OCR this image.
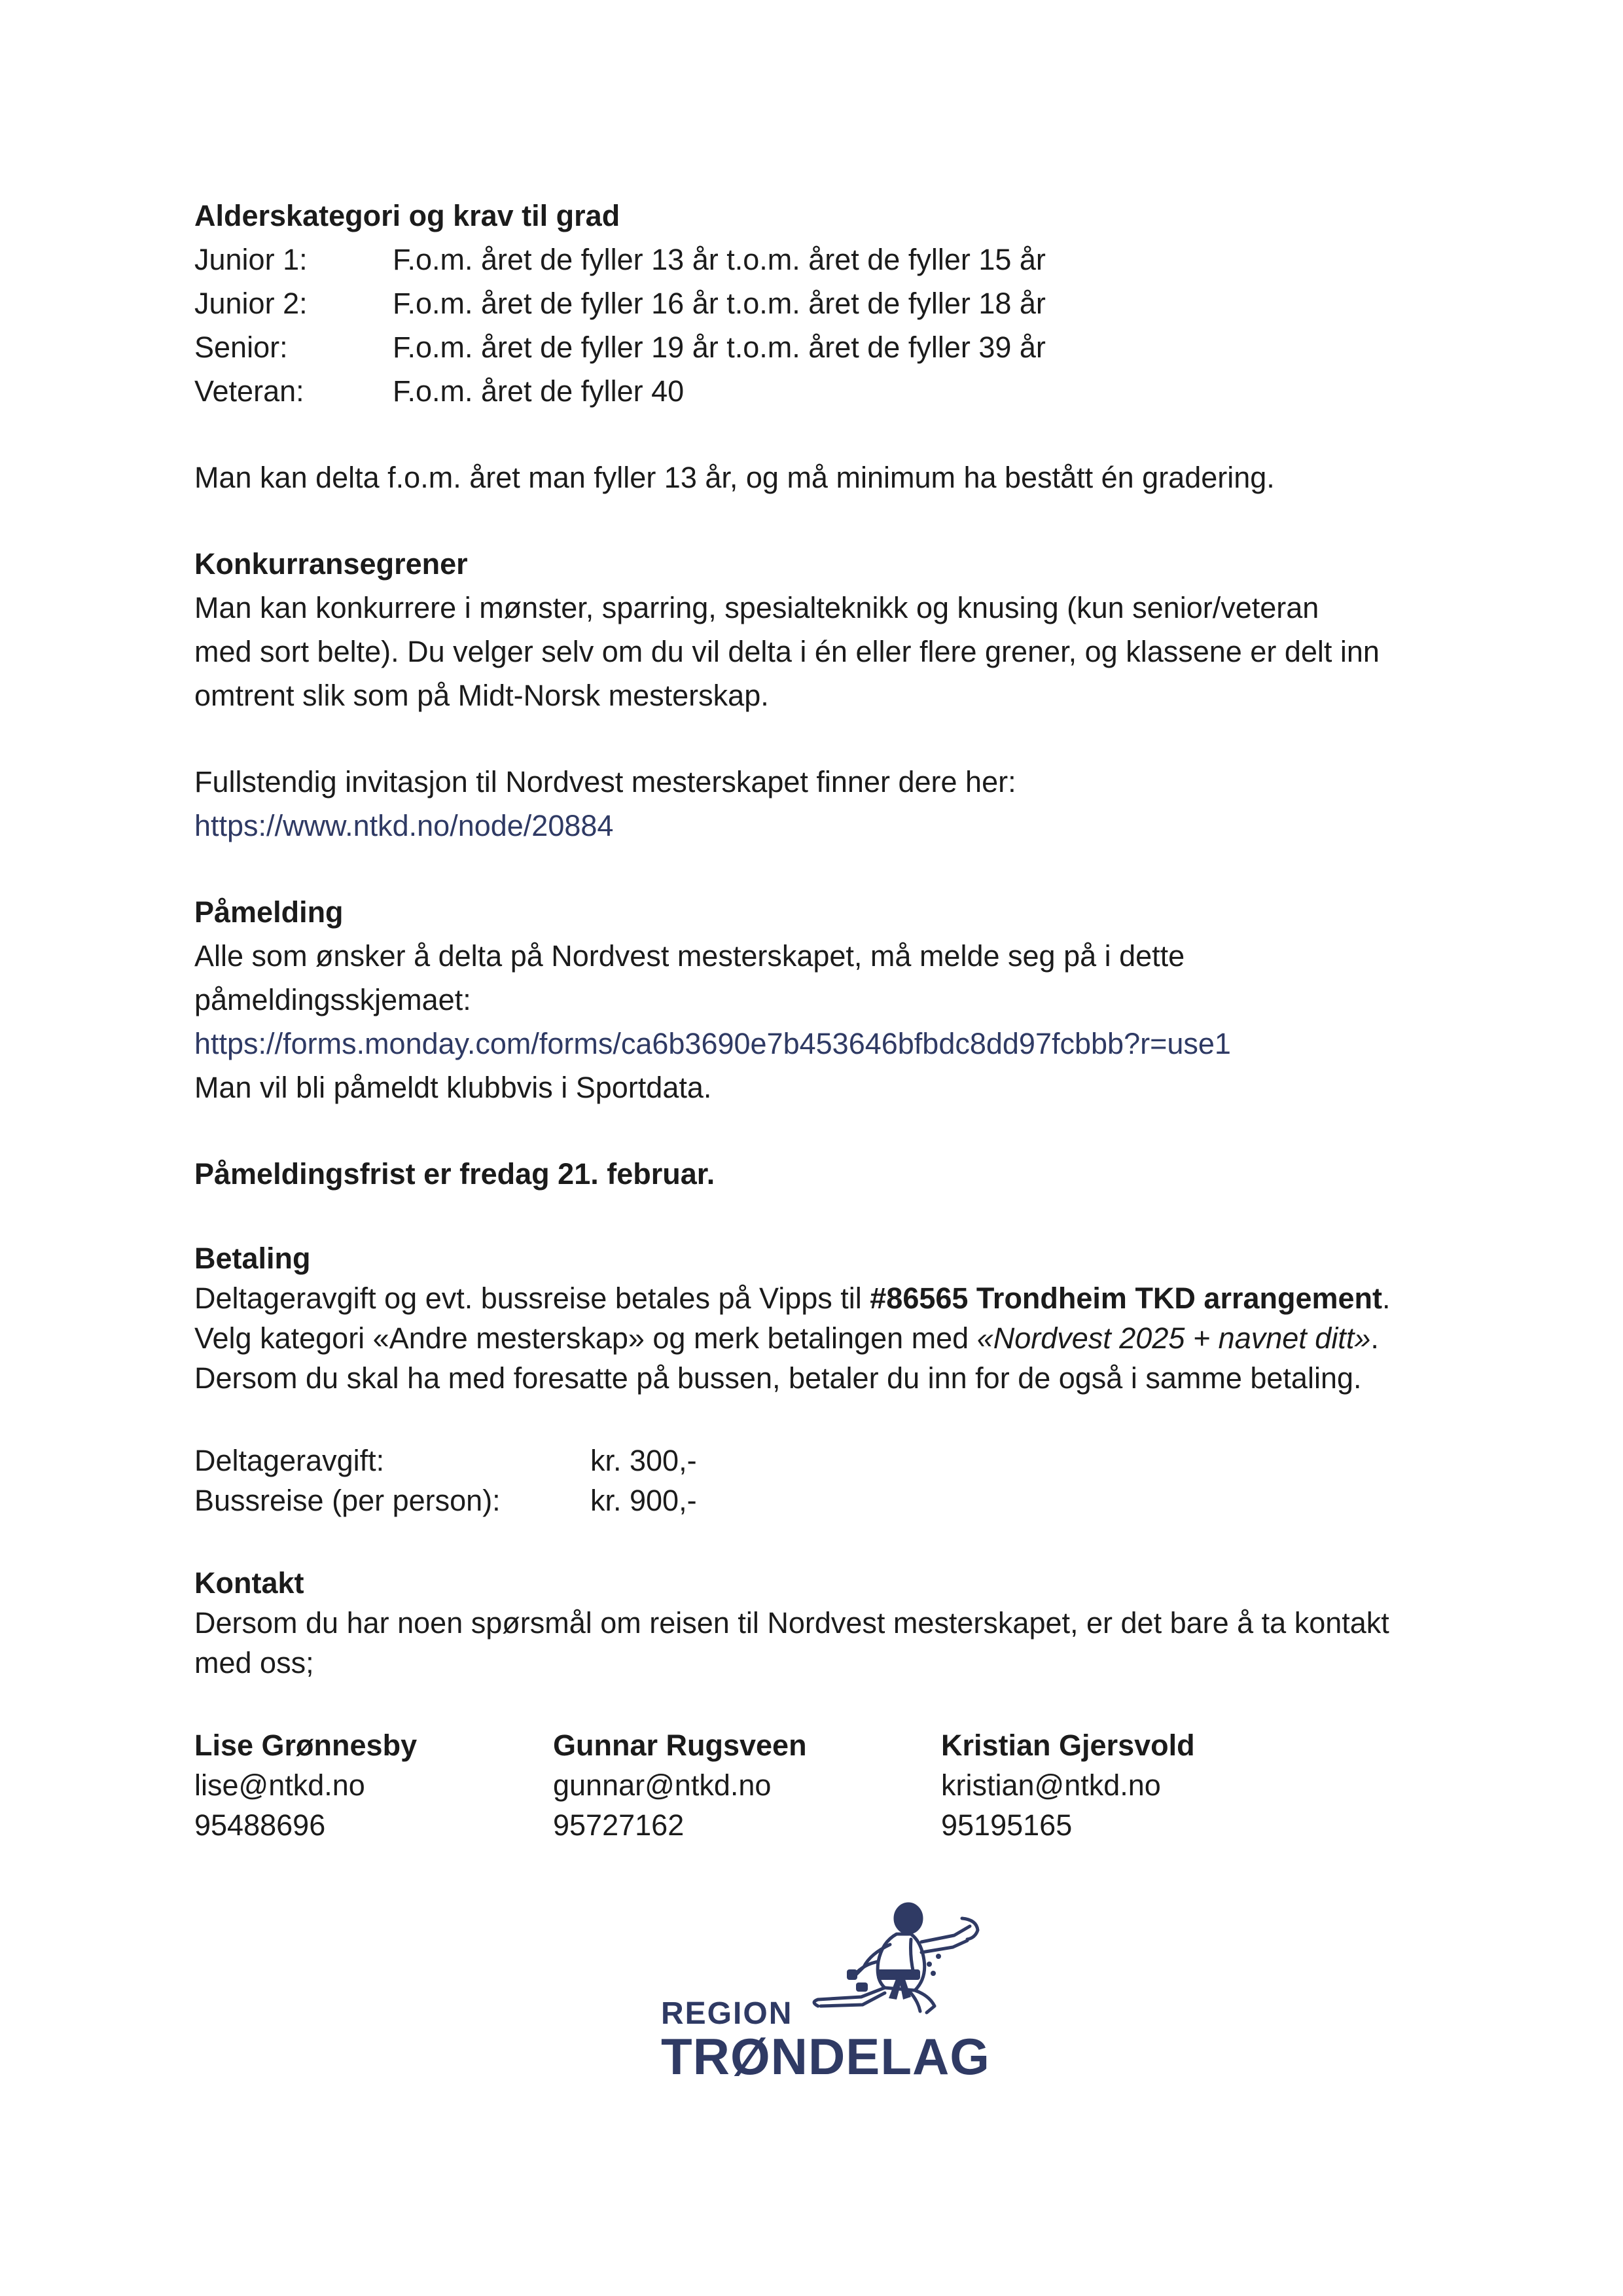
Alderskategori og krav til grad
Junior 1:	F.o.m. året de fyller 13 år t.o.m. året de fyller 15 år
Junior 2:	F.o.m. året de fyller 16 år t.o.m. året de fyller 18 år
Senior:	F.o.m. året de fyller 19 år t.o.m. året de fyller 39 år
Veteran:	F.o.m. året de fyller 40
Man kan delta f.o.m. året man fyller 13 år, og må minimum ha bestått én gradering.
Konkurransegrener
Man kan konkurrere i mønster, sparring, spesialteknikk og knusing (kun senior/veteran
med sort belte). Du velger selv om du vil delta i én eller flere grener, og klassene er delt inn
omtrent slik som på Midt-Norsk mesterskap.
Fullstendig invitasjon til Nordvest mesterskapet finner dere her:
https://www.ntkd.no/node/20884
Påmelding
Alle som ønsker å delta på Nordvest mesterskapet, må melde seg på i dette
påmeldingsskjemaet:
https://forms.monday.com/forms/ca6b3690e7b453646bfbdc8dd97fcbbb?r=use1
Man vil bli påmeldt klubbvis i Sportdata.
Påmeldingsfrist er fredag 21. februar.
Betaling
Deltageravgift og evt. bussreise betales på Vipps til #86565 Trondheim TKD arrangement.
Velg kategori «Andre mesterskap» og merk betalingen med «Nordvest 2025 + navnet ditt».
Dersom du skal ha med foresatte på bussen, betaler du inn for de også i samme betaling.
Deltageravgift:	kr. 300,-
Bussreise (per person):	kr. 900,-
Kontakt
Dersom du har noen spørsmål om reisen til Nordvest mesterskapet, er det bare å ta kontakt
med oss;
Lise Grønnesby
lise@ntkd.no
95488696
Gunnar Rugsveen
gunnar@ntkd.no
95727162
Kristian Gjersvold
kristian@ntkd.no
95195165
REGION
TRØNDELAG
